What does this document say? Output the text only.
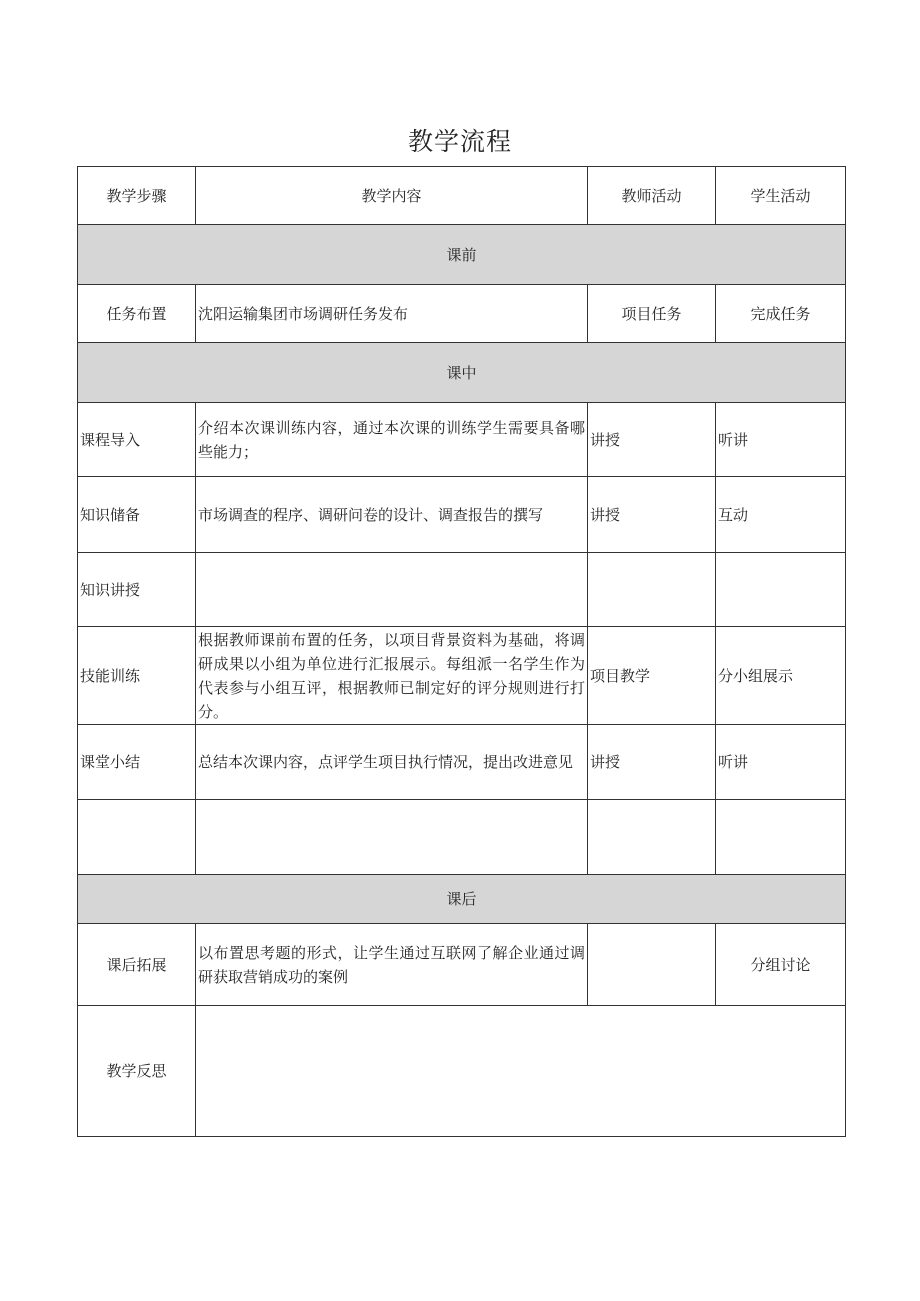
教学流程
教学步骤	教学内容	教师活动	学生活动
课前			
任务布置	沈阳运输集团市场调研任务发布	项目任务	完成任务
课中			
课程导入	介绍本次课训练内容，通过本次课的训练学生需要具备哪些能力；	讲授	听讲
知识储备	市场调查的程序、调研问卷的设计、调查报告的撰写	讲授	互动
知识讲授			
技能训练	根据教师课前布置的任务，以项目背景资料为基础，将调研成果以小组为单位进行汇报展示。每组派一名学生作为代表参与小组互评，根据教师已制定好的评分规则进行打分。	项目教学	分小组展示
课堂小结	总结本次课内容，点评学生项目执行情况，提出改进意见	讲授	听讲

课后			
课后拓展	以布置思考题的形式，让学生通过互联网了解企业通过调研获取营销成功的案例		分组讨论
教学反思			
